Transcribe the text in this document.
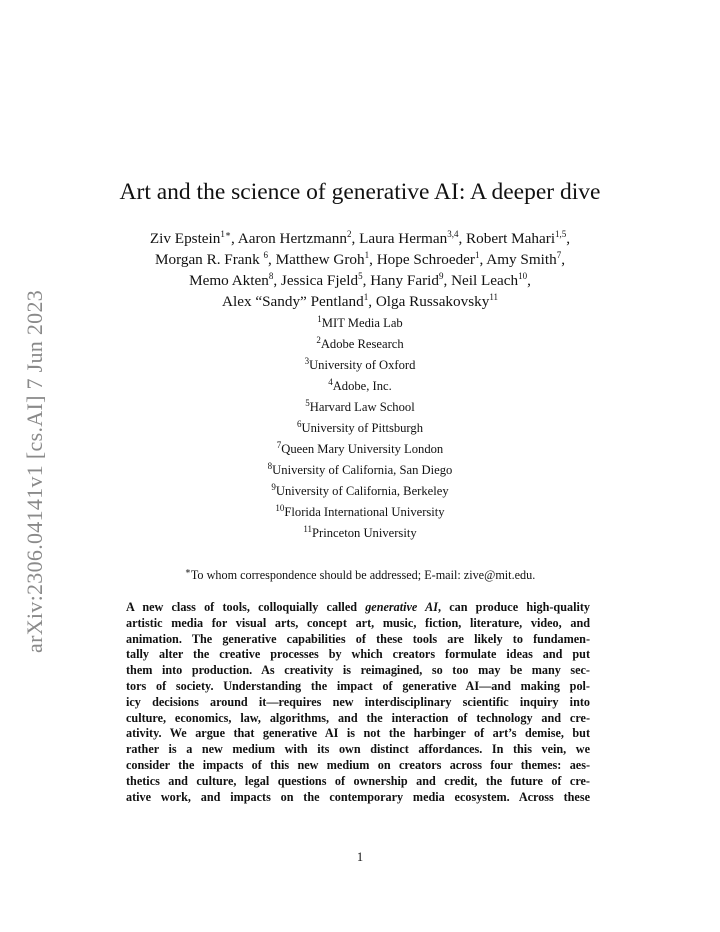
arXiv:2306.04141v1 [cs.AI] 7 Jun 2023
Art and the science of generative AI: A deeper dive
Ziv Epstein$^{1∗}$, Aaron Hertzmann$^2$, Laura Herman$^{3,4}$, Robert Mahari$^{1,5}$,
Morgan R. Frank $^6$, Matthew Groh$^1$, Hope Schroeder$^1$, Amy Smith$^7$,
Memo Akten$^8$, Jessica Fjeld$^5$, Hany Farid$^9$, Neil Leach$^{10}$,
Alex “Sandy” Pentland$^1$, Olga Russakovsky$^{11}$
$^1$MIT Media Lab
$^2$Adobe Research
$^3$University of Oxford
$^4$Adobe, Inc.
$^5$Harvard Law School
$^6$University of Pittsburgh
$^7$Queen Mary University London
$^8$University of California, San Diego
$^9$University of California, Berkeley
$^{10}$Florida International University
$^{11}$Princeton University
∗To whom correspondence should be addressed; E-mail: zive@mit.edu.
A new class of tools, colloquially called generative AI, can produce high-quality
artistic media for visual arts, concept art, music, fiction, literature, video, and
animation. The generative capabilities of these tools are likely to fundamen-
tally alter the creative processes by which creators formulate ideas and put
them into production. As creativity is reimagined, so too may be many sec-
tors of society. Understanding the impact of generative AI—and making pol-
icy decisions around it—requires new interdisciplinary scientific inquiry into
culture, economics, law, algorithms, and the interaction of technology and cre-
ativity. We argue that generative AI is not the harbinger of art’s demise, but
rather is a new medium with its own distinct affordances. In this vein, we
consider the impacts of this new medium on creators across four themes: aes-
thetics and culture, legal questions of ownership and credit, the future of cre-
ative work, and impacts on the contemporary media ecosystem. Across these
1
